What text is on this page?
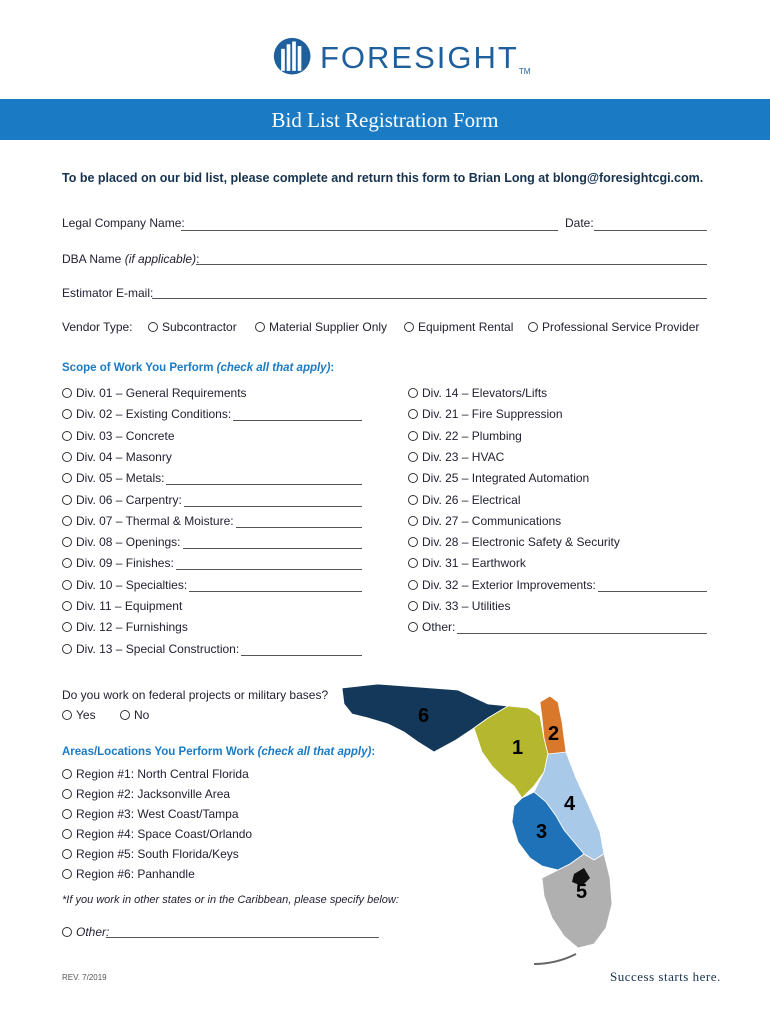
FORESIGHTTM
Bid List Registration Form
To be placed on our bid list, please complete and return this form to Brian Long at blong@foresightcgi.com.
Legal Company Name:	Date:
DBA Name (if applicable):
Estimator E-mail:
Vendor Type:	Subcontractor	Material Supplier Only	Equipment Rental	Professional Service Provider
Scope of Work You Perform (check all that apply):
Div. 01 – General Requirements
Div. 02 – Existing Conditions:
Div. 03 – Concrete
Div. 04 – Masonry
Div. 05 – Metals:
Div. 06 – Carpentry:
Div. 07 – Thermal & Moisture:
Div. 08 – Openings:
Div. 09 – Finishes:
Div. 10 – Specialties:
Div. 11 – Equipment
Div. 12 – Furnishings
Div. 13 – Special Construction:
Div. 14 – Elevators/Lifts
Div. 21 – Fire Suppression
Div. 22 – Plumbing
Div. 23 – HVAC
Div. 25 – Integrated Automation
Div. 26 – Electrical
Div. 27 – Communications
Div. 28 – Electronic Safety & Security
Div. 31 – Earthwork
Div. 32 – Exterior Improvements:
Div. 33 – Utilities
Other:
Do you work on federal projects or military bases?
Yes	No
Areas/Locations You Perform Work (check all that apply):
Region #1: North Central Florida
Region #2: Jacksonville Area
Region #3: West Coast/Tampa
Region #4: Space Coast/Orlando
Region #5: South Florida/Keys
Region #6: Panhandle
*If you work in other states or in the Caribbean, please specify below:
Other:
6
1
2
4
3
5
REV. 7/2019	Success starts here.
